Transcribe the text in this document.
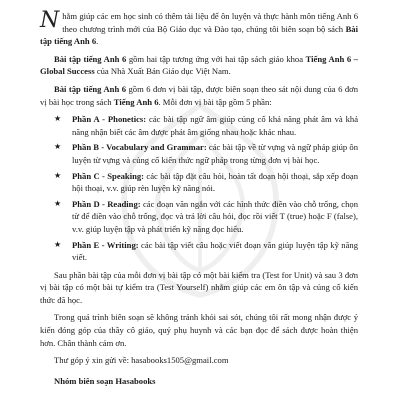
Nhằm giúp các em học sinh có thêm tài liệu để ôn luyện và thực hành môn tiếng Anh 6 theo chương trình mới của Bộ Giáo dục và Đào tạo, chúng tôi biên soạn bộ sách Bài tập tiếng Anh 6.

Bài tập tiếng Anh 6 gồm hai tập tương ứng với hai tập sách giáo khoa Tiếng Anh 6 – Global Success của Nhà Xuất Bản Giáo dục Việt Nam.

Bài tập tiếng Anh 6 gồm 6 đơn vị bài tập, được biên soạn theo sát nội dung của 6 đơn vị bài học trong sách Tiếng Anh 6. Mỗi đơn vị bài tập gồm 5 phần:

★ Phần A - Phonetics: các bài tập ngữ âm giúp củng cố khả năng phát âm và khả năng nhận biết các âm được phát âm giống nhau hoặc khác nhau.
★ Phần B - Vocabulary and Grammar: các bài tập về từ vựng và ngữ pháp giúp ôn luyện từ vựng và củng cố kiến thức ngữ pháp trong từng đơn vị bài học.
★ Phần C - Speaking: các bài tập đặt câu hỏi, hoàn tất đoạn hội thoại, sắp xếp đoạn hội thoại, v.v. giúp rèn luyện kỹ năng nói.
★ Phần D - Reading: các đoạn văn ngắn với các hình thức điền vào chỗ trống, chọn từ để điền vào chỗ trống, đọc và trả lời câu hỏi, đọc rồi viết T (true) hoặc F (false), v.v. giúp luyện tập và phát triển kỹ năng đọc hiểu.
★ Phần E - Writing: các bài tập viết câu hoặc viết đoạn văn giúp luyện tập kỹ năng viết.

Sau phần bài tập của mỗi đơn vị bài tập có một bài kiểm tra (Test for Unit) và sau 3 đơn vị bài tập có một bài tự kiểm tra (Test Yourself) nhằm giúp các em ôn tập và củng cố kiến thức đã học.

Trong quá trình biên soạn sẽ không tránh khỏi sai sót, chúng tôi rất mong nhận được ý kiến đóng góp của thầy cô giáo, quý phụ huynh và các bạn đọc để sách được hoàn thiện hơn. Chân thành cảm ơn.

Thư góp ý xin gửi về: hasabooks1505@gmail.com

Nhóm biên soạn Hasabooks
